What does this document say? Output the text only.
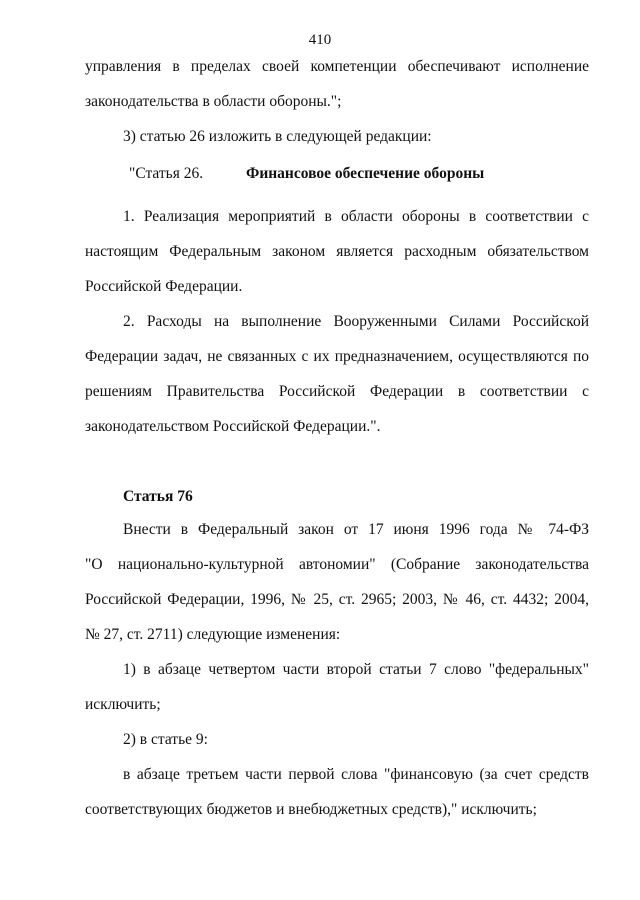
410
управления в пределах своей компетенции обеспечивают исполнение
законодательства в области обороны.";
3) статью 26 изложить в следующей редакции:
"Статья 26.	Финансовое обеспечение обороны
1. Реализация мероприятий в области обороны в соответствии с
настоящим Федеральным законом является расходным обязательством
Российской Федерации.
2. Расходы на выполнение Вооруженными Силами Российской
Федерации задач, не связанных с их предназначением, осуществляются по
решениям Правительства Российской Федерации в соответствии с
законодательством Российской Федерации.".
Статья 76
Внести в Федеральный закон от 17 июня 1996 года № 74-ФЗ
"О национально-культурной автономии" (Собрание законодательства
Российской Федерации, 1996, № 25, ст. 2965; 2003, № 46, ст. 4432; 2004,
№ 27, ст. 2711) следующие изменения:
1) в абзаце четвертом части второй статьи 7 слово "федеральных"
исключить;
2) в статье 9:
в абзаце третьем части первой слова "финансовую (за счет средств
соответствующих бюджетов и внебюджетных средств)," исключить;
